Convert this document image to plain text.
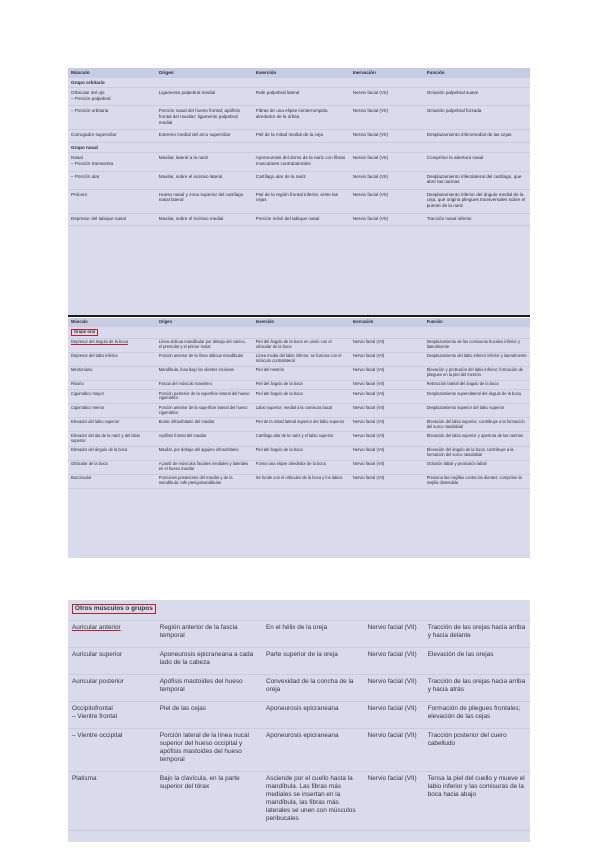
Músculo	Origen	Inserción	Inervación	Función
Grupo orbitario				
Orbicular del ojo
– Porción palpebral	Ligamento palpebral medial	Rafe palpebral lateral	Nervio facial (VII)	Oclusión palpebral suave
– Porción orbitaria	Porción nasal del hueso frontal; apófisis frontal del maxilar; ligamento palpebral medial	Fibras de una elipse ininterrumpida alrededor de la órbita	Nervio facial (VII)	Oclusión palpebral forzada
Corrugador superciliar	Extremo medial del arco superciliar	Piel de la mitad medial de la ceja	Nervio facial (VII)	Desplazamiento inferomedial de las cejas
Grupo nasal				
Nasal
– Porción transversa	Maxilar, lateral a la nariz	Aponeurosis del dorso de la nariz con fibras musculares contralaterales	Nervio facial (VII)	Comprime la abertura nasal
– Porción alar	Maxilar, sobre el incisivo lateral	Cartílago alar de la nariz	Nervio facial (VII)	Desplazamiento inferolateral del cartílago, que abre las narinas
Prócero	Hueso nasal y zona superior del cartílago nasal lateral	Piel de la región frontal inferior, entre las cejas	Nervio facial (VII)	Desplazamiento inferior del ángulo medial de la ceja, que origina pliegues transversales sobre el puente de la nariz
Depresor del tabique nasal	Maxilar, sobre el incisivo medial	Porción móvil del tabique nasal	Nervio facial (VII)	Tracción nasal inferior
Músculo	Origen	Inserción	Inervación	Función
Grupo oral				
Depresor del ángulo de la boca	Línea oblicua mandibular por debajo del canino, el premolar y el primer molar	Piel del ángulo de la boca en unión con el orbicular de la boca	Nervio facial (VII)	Desplazamiento de las comisuras bucales inferior y lateralmente
Depresor del labio inferior	Porción anterior de la línea oblicua mandibular	Línea media del labio inferior; se fusiona con el músculo contralateral	Nervio facial (VII)	Desplazamiento del labio inferior inferior y lateralmente
Mentoniano	Mandíbula, fosa bajo los dientes incisivos	Piel del mentón	Nervio facial (VII)	Elevación y protrusión del labio inferior; formación de pliegues en la piel del mentón
Risorio	Fascia del músculo masetero	Piel del ángulo de la boca	Nervio facial (VII)	Retracción lateral del ángulo de la boca
Cigomático mayor	Porción posterior de la superficie lateral del hueso cigomático	Piel del ángulo de la boca	Nervio facial (VII)	Desplazamiento superolateral del ángulo de la boca
Cigomático menor	Porción anterior de la superficie lateral del hueso cigomático	Labio superior, medial a la comisura bucal	Nervio facial (VII)	Desplazamiento superior del labio superior
Elevador del labio superior	Borde infraorbitario del maxilar	Piel de la mitad lateral superior del labio superior	Nervio facial (VII)	Elevación del labio superior; contribuye a la formación del surco nasolabial
Elevador del ala de la nariz y del labio superior	Apófisis frontal del maxilar	Cartílago alar de la nariz y el labio superior	Nervio facial (VII)	Elevación del labio superior y apertura de las narinas
Elevador del ángulo de la boca	Maxilar, por debajo del agujero infraorbitario	Piel del ángulo de la boca	Nervio facial (VII)	Elevación del ángulo de la boca; contribuye a la formación del surco nasolabial
Orbicular de la boca	A partir de músculos faciales mediales y laterales en el hueso maxilar	Forma una elipse alrededor de la boca	Nervio facial (VII)	Oclusión labial y protrusión labial
Buccinador	Porciones posteriores del maxilar y de la mandíbula; rafe pterigomandibular	Se funde con el orbicular de la boca y los labios	Nervio facial (VII)	Presiona las mejillas contra los dientes; comprime la mejilla distendida
Otros músculos o grupos				
Auricular anterior	Región anterior de la fascia temporal	En el hélix de la oreja	Nervio facial (VII)	Tracción de las orejas hacia arriba y hacia delante
Auricular superior	Aponeurosis epicraneana a cada lado de la cabeza	Parte superior de la oreja	Nervio facial (VII)	Elevación de las orejas
Auricular posterior	Apófisis mastoides del hueso temporal	Convexidad de la concha de la oreja	Nervio facial (VII)	Tracción de las orejas hacia arriba y hacia atrás
Occipitofrontal
– Vientre frontal	Piel de las cejas	Aponeurosis epicraneana	Nervio facial (VII)	Formación de pliegues frontales; elevación de las cejas
– Vientre occipital	Porción lateral de la línea nucal superior del hueso occipital y apófisis mastoides del hueso temporal	Aponeurosis epicraneana	Nervio facial (VII)	Tracción posterior del cuero cabelludo
Platisma	Bajo la clavícula, en la parte superior del tórax	Asciende por el cuello hasta la mandíbula. Las fibras más mediales se insertan en la mandíbula, las fibras más laterales se unen con músculos peribucales	Nervio facial (VII)	Tensa la piel del cuello y mueve el labio inferior y las comisuras de la boca hacia abajo
